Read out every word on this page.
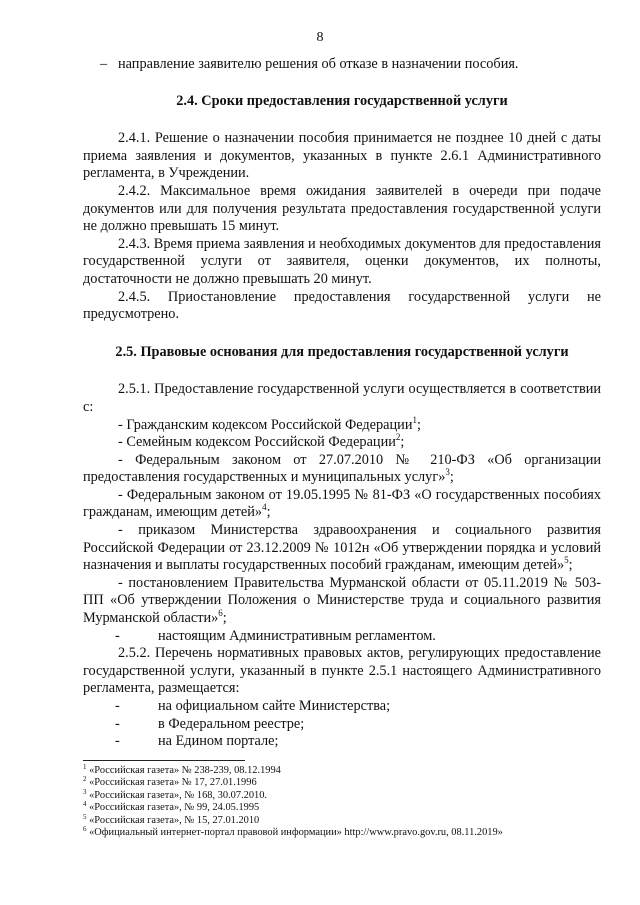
8

– направление заявителю решения об отказе в назначении пособия.

2.4. Сроки предоставления государственной услуги

2.4.1. Решение о назначении пособия принимается не позднее 10 дней с даты приема заявления и документов, указанных в пункте 2.6.1 Административного регламента, в Учреждении.

2.4.2. Максимальное время ожидания заявителей в очереди при подаче документов или для получения результата предоставления государственной услуги не должно превышать 15 минут.

2.4.3. Время приема заявления и необходимых документов для предоставления государственной услуги от заявителя, оценки документов, их полноты, достаточности не должно превышать 20 минут.

2.4.5. Приостановление предоставления государственной услуги не предусмотрено.

2.5. Правовые основания для предоставления государственной услуги

2.5.1. Предоставление государственной услуги осуществляется в соответствии с:

- Гражданским кодексом Российской Федерации$^1$;

- Семейным кодексом Российской Федерации$^2$;

- Федеральным законом от 27.07.2010 № 210-ФЗ «Об организации предоставления государственных и муниципальных услуг»$^3$;

- Федеральным законом от 19.05.1995 № 81-ФЗ «О государственных пособиях гражданам, имеющим детей»$^4$;

- приказом Министерства здравоохранения и социального развития Российской Федерации от 23.12.2009 № 1012н «Об утверждении порядка и условий назначения и выплаты государственных пособий гражданам, имеющим детей»$^5$;

- постановлением Правительства Мурманской области от 05.11.2019 № 503-ПП «Об утверждении Положения о Министерстве труда и социального развития Мурманской области»$^6$;

-	настоящим Административным регламентом.

2.5.2. Перечень нормативных правовых актов, регулирующих предоставление государственной услуги, указанный в пункте 2.5.1 настоящего Административного регламента, размещается:

-	на официальном сайте Министерства;

-	в Федеральном реестре;

-	на Едином портале;

$^1$ «Российская газета» № 238-239, 08.12.1994
$^2$ «Российская газета» № 17, 27.01.1996
$^3$ «Российская газета», № 168, 30.07.2010.
$^4$ «Российская газета», № 99, 24.05.1995
$^5$ «Российская газета», № 15, 27.01.2010
$^6$ «Официальный интернет-портал правовой информации» http://www.pravo.gov.ru, 08.11.2019»
